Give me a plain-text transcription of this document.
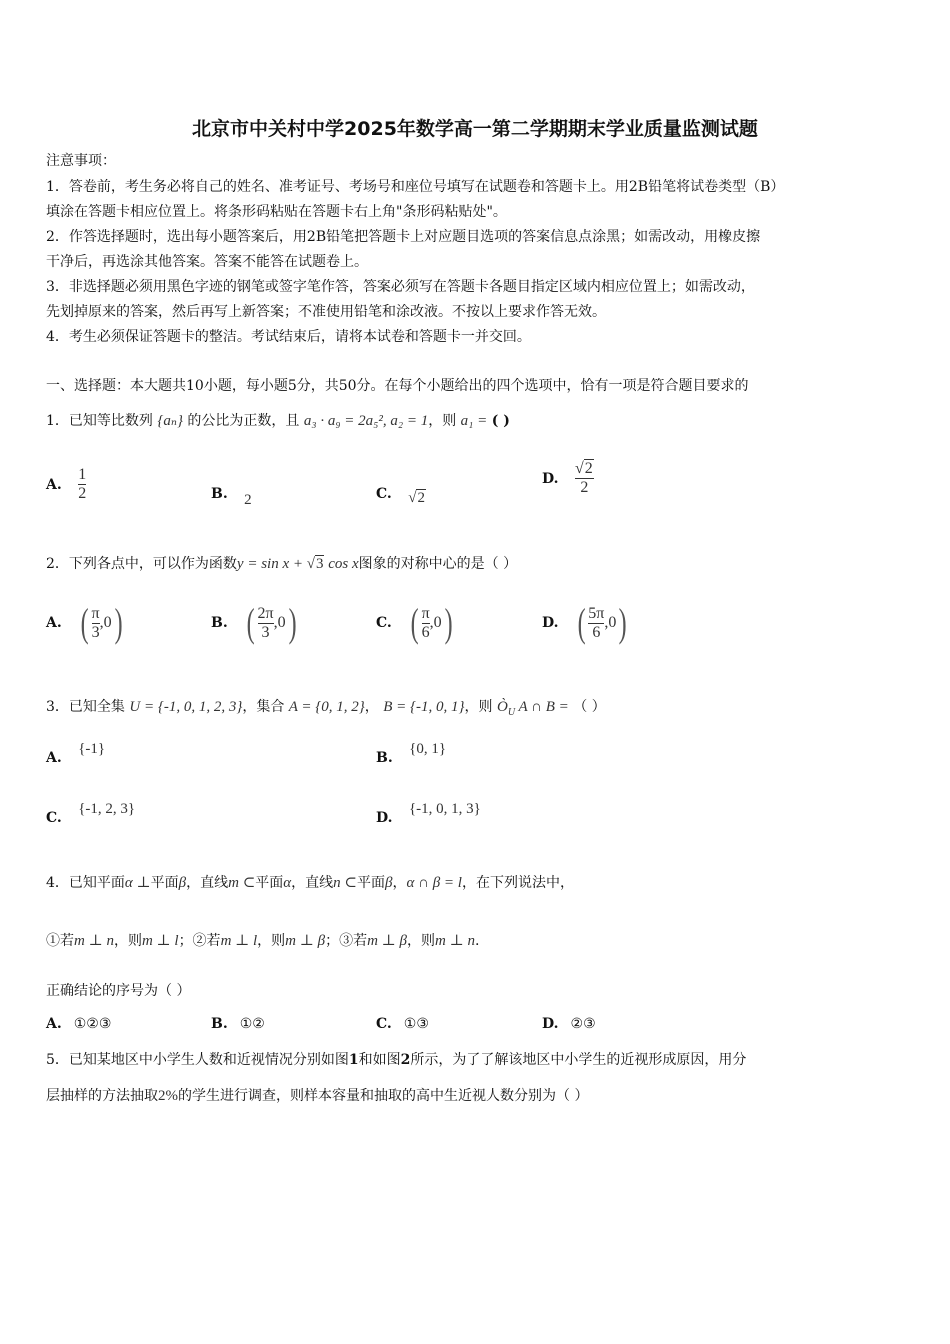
北京市中关村中学2025年数学高一第二学期期末学业质量监测试题
注意事项：
1．答卷前，考生务必将自己的姓名、准考证号、考场号和座位号填写在试题卷和答题卡上。用2B铅笔将试卷类型（B）
填涂在答题卡相应位置上。将条形码粘贴在答题卡右上角"条形码粘贴处"。
2．作答选择题时，选出每小题答案后，用2B铅笔把答题卡上对应题目选项的答案信息点涂黑；如需改动，用橡皮擦
干净后，再选涂其他答案。答案不能答在试题卷上。
3．非选择题必须用黑色字迹的钢笔或签字笔作答，答案必须写在答题卡各题目指定区域内相应位置上；如需改动，
先划掉原来的答案，然后再写上新答案；不准使用铅笔和涂改液。不按以上要求作答无效。
4．考生必须保证答题卡的整洁。考试结束后，请将本试卷和答题卡一并交回。
一、选择题：本大题共10小题，每小题5分，共50分。在每个小题给出的四个选项中，恰有一项是符合题目要求的
1．已知等比数列 {aₙ} 的公比为正数，且 a₃ · a₉ = 2a₅², a₂ = 1，则 a₁ = ( )
A. $\frac{1}{2}$	B. 2	C. √2
D. $\frac{√2}{2}$
2．下列各点中，可以作为函数y = sin x + √3 cos x图象的对称中心的是（ ）
A. ( $\frac{\pi}{3} ,0$ )	B. ( $\frac{2\pi}{3} ,0$ )	C. ( $\frac{\pi}{6} ,0$ )	D. ( $\frac{5\pi}{6} ,0$ )
3．已知全集 U = {-1, 0, 1, 2, 3}，集合 A = {0, 1, 2}， B = {-1, 0, 1}，则 $Ò_U$ A ∩ B = （ ）
A. {-1}
B. {0, 1}
C. {-1, 2, 3}
D. {-1, 0, 1, 3}
4．已知平面α ⊥平面β，直线m ⊂平面α，直线n ⊂平面β，α ∩ β = l，在下列说法中，
①若m ⊥ n，则m ⊥ l；②若m ⊥ l，则m ⊥ β；③若m ⊥ β，则m ⊥ n.
正确结论的序号为（ ）
A. ①②③	B. ①②	C. ①③	D. ②③
5．已知某地区中小学生人数和近视情况分别如图1和如图2所示，为了了解该地区中小学生的近视形成原因，用分
层抽样的方法抽取2%的学生进行调查，则样本容量和抽取的高中生近视人数分别为（ ）
